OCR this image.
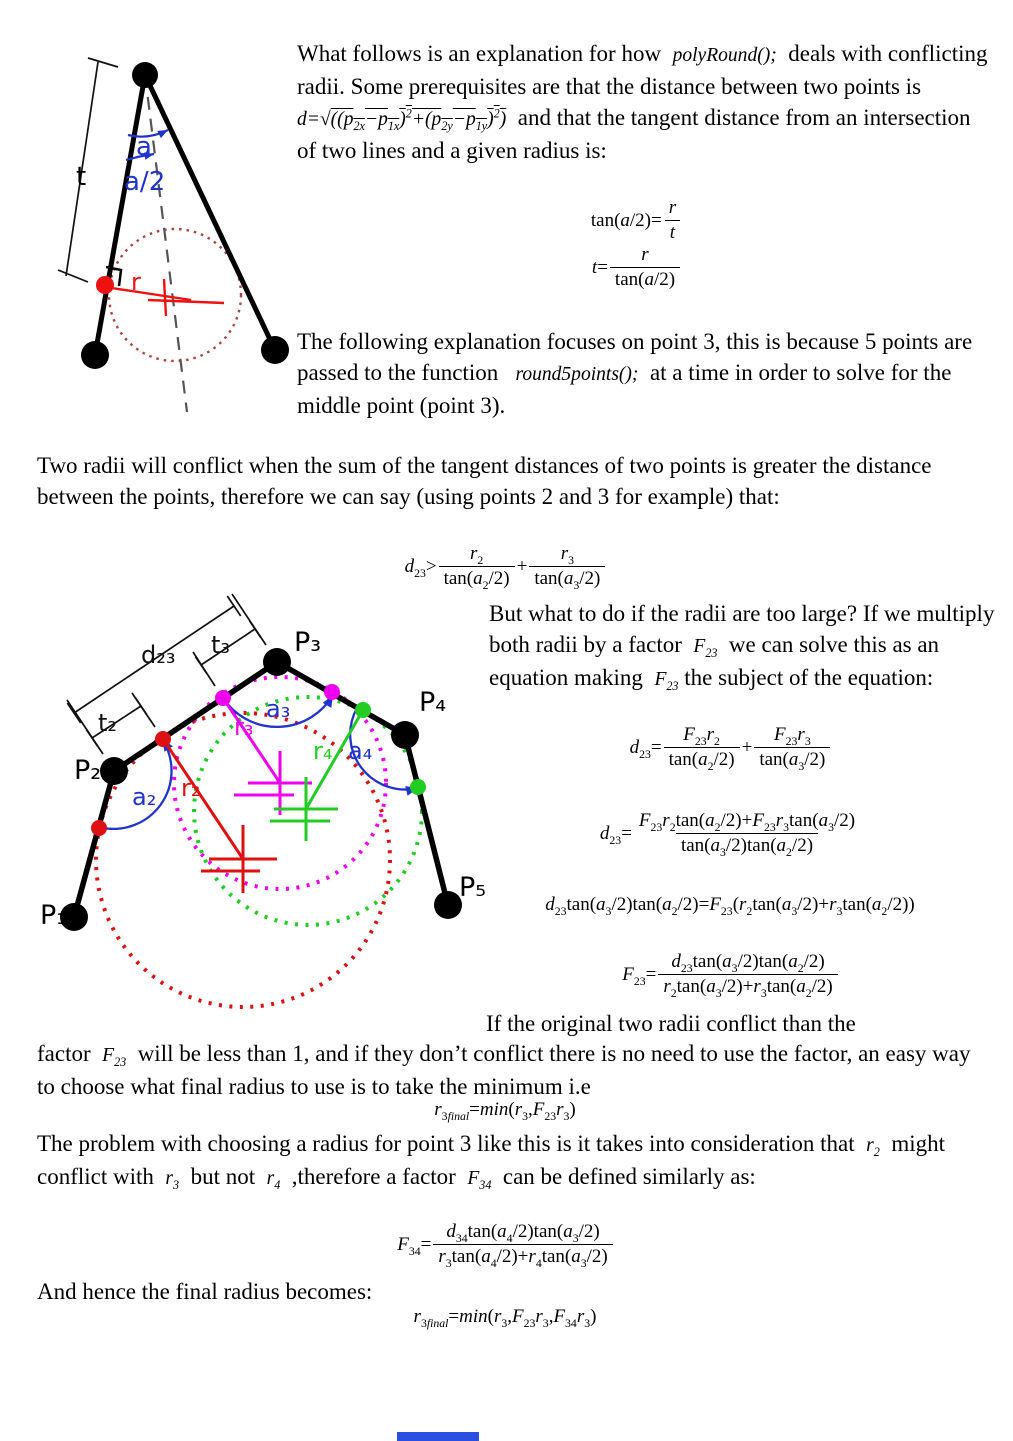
t
a
a/2
r
What follows is an explanation for how  polyRound();  deals with conflicting radii. Some prerequisites are that the distance between two points is  $d=√((p_{2x}-p_{1x})^2+(p_{2y}-p_{1y})^2)$  and that the tangent distance from an intersection of two lines and a given radius is:
$\tan(a/2)= \frac{r}{t}$
$t= \frac{r}{\tan(a/2)}$
The following explanation focuses on point 3, this is because 5 points are passed to the function   round5points();  at a time in order to solve for the middle point (point 3).
Two radii will conflict when the sum of the tangent distances of two points is greater the distance between the points, therefore we can say (using points 2 and 3 for example) that:
$d_{23}> \frac{r_2}{\tan(a_2/2)} + \frac{r_3}{\tan(a_3/2)}$
P₁
P₂
P₃
P₄
P₅
d₂₃
t₂
t₃
r₂
r₃
r₄
a₂
a₃
a₄
But what to do if the radii are too large? If we multiply both radii by a factor  $F_{23}$  we can solve this as an equation making  $F_{23}$ the subject of the equation:
$d_{23}= \frac{F_{23}r_2}{\tan(a_2/2)} + \frac{F_{23}r_3}{\tan(a_3/2)}$
$d_{23}= \frac{F_{23}r_2\tan(a_2/2)+F_{23}r_3\tan(a_3/2)}{\tan(a_3/2)\tan(a_2/2)}$
$d_{23}\tan(a_3/2)\tan(a_2/2)=F_{23}(r_2\tan(a_3/2)+r_3\tan(a_2/2))$
$F_{23}= \frac{d_{23}\tan(a_3/2)\tan(a_2/2)}{r_2\tan(a_3/2)+r_3\tan(a_2/2)}$
If the original two radii conflict than the
factor  $F_{23}$  will be less than 1, and if they don’t conflict there is no need to use the factor, an easy way to choose what final radius to use is to take the minimum i.e
$r_{3final}=\min(r_3,F_{23}r_3)$
The problem with choosing a radius for point 3 like this is it takes into consideration that  $r_2$  might conflict with  $r_3$  but not  $r_4$  ,therefore a factor  $F_{34}$  can be defined similarly as:
$F_{34}= \frac{d_{34}\tan(a_4/2)\tan(a_3/2)}{r_3\tan(a_4/2)+r_4\tan(a_3/2)}$
And hence the final radius becomes:
$r_{3final}=\min(r_3,F_{23}r_3,F_{34}r_3)$
